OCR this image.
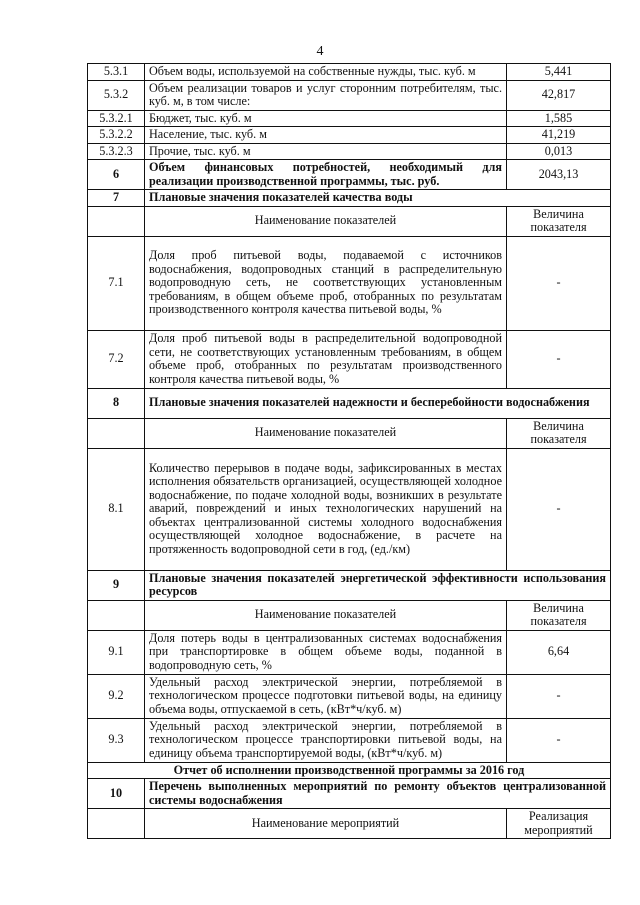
4
5.3.1	Объем воды, используемой на собственные нужды, тыс. куб. м	5,441
5.3.2	Объем реализации товаров и услуг сторонним потребителям, тыс. куб. м, в том числе:	42,817
5.3.2.1	Бюджет, тыс. куб. м	1,585
5.3.2.2	Население, тыс. куб. м	41,219
5.3.2.3	Прочие, тыс. куб. м	0,013
6	Объем финансовых потребностей, необходимый для реализации производственной программы, тыс. руб.	2043,13
7	Плановые значения показателей качества воды	
	Наименование показателей	Величина показателя
7.1	Доля проб питьевой воды, подаваемой с источников водоснабжения, водопроводных станций в распределительную водопроводную сеть, не соответствующих установленным требованиям, в общем объеме проб, отобранных по результатам производственного контроля качества питьевой воды, %	-
7.2	Доля проб питьевой воды в распределительной водопроводной сети, не соответствующих установленным требованиям, в общем объеме проб, отобранных по результатам производственного контроля качества питьевой воды, %	-
8	Плановые значения показателей надежности и бесперебойности водоснабжения	
	Наименование показателей	Величина показателя
8.1	Количество перерывов в подаче воды, зафиксированных в местах исполнения обязательств организацией, осуществляющей холодное водоснабжение, по подаче холодной воды, возникших в результате аварий, повреждений и иных технологических нарушений на объектах централизованной системы холодного водоснабжения осуществляющей холодное водоснабжение, в расчете на протяженность водопроводной сети в год, (ед./км)	-
9	Плановые значения показателей энергетической эффективности использования ресурсов	
	Наименование показателей	Величина показателя
9.1	Доля потерь воды в централизованных системах водоснабжения при транспортировке в общем объеме воды, поданной в водопроводную сеть, %	6,64
9.2	Удельный расход электрической энергии, потребляемой в технологическом процессе подготовки питьевой воды, на единицу объема воды, отпускаемой в сеть, (кВт*ч/куб. м)	-
9.3	Удельный расход электрической энергии, потребляемой в технологическом процессе транспортировки питьевой воды, на единицу объема транспортируемой воды, (кВт*ч/куб. м)	-
Отчет об исполнении производственной программы за 2016 год		
10	Перечень выполненных мероприятий по ремонту объектов централизованной системы водоснабжения	
	Наименование мероприятий	Реализация мероприятий
